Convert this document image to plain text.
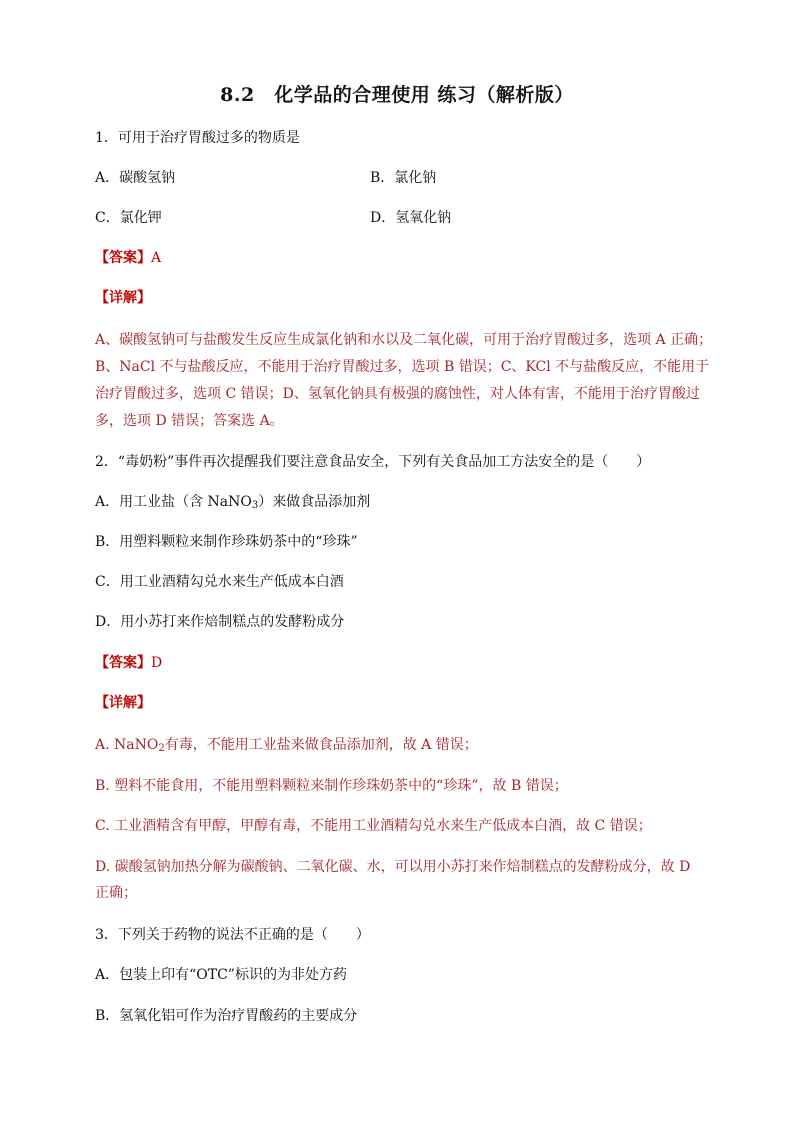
8.2　化学品的合理使用 练习（解析版）
1．可用于治疗胃酸过多的物质是
A．碳酸氢钠	B．氯化钠
C．氯化钾	D．氢氧化钠
【答案】A
【详解】
A、碳酸氢钠可与盐酸发生反应生成氯化钠和水以及二氧化碳，可用于治疗胃酸过多，选项 A 正确；
B、NaCl 不与盐酸反应，不能用于治疗胃酸过多，选项 B 错误；C、KCl 不与盐酸反应，不能用于
治疗胃酸过多，选项 C 错误；D、氢氧化钠具有极强的腐蚀性，对人体有害，不能用于治疗胃酸过
多，选项 D 错误；答案选 A。
2．“毒奶粉”事件再次提醒我们要注意食品安全，下列有关食品加工方法安全的是（　　）
A．用工业盐（含 NaNO$_3$）来做食品添加剂
B．用塑料颗粒来制作珍珠奶茶中的“珍珠”
C．用工业酒精勾兑水来生产低成本白酒
D．用小苏打来作焙制糕点的发酵粉成分
【答案】D
【详解】
A. NaNO$_2$有毒，不能用工业盐来做食品添加剂，故 A 错误；
B. 塑料不能食用，不能用塑料颗粒来制作珍珠奶茶中的“珍珠”，故 B 错误；
C. 工业酒精含有甲醇，甲醇有毒，不能用工业酒精勾兑水来生产低成本白酒，故 C 错误；
D. 碳酸氢钠加热分解为碳酸钠、二氧化碳、水，可以用小苏打来作焙制糕点的发酵粉成分，故 D
正确；
3．下列关于药物的说法不正确的是（　　）
A．包装上印有“OTC”标识的为非处方药
B．氢氧化铝可作为治疗胃酸药的主要成分
